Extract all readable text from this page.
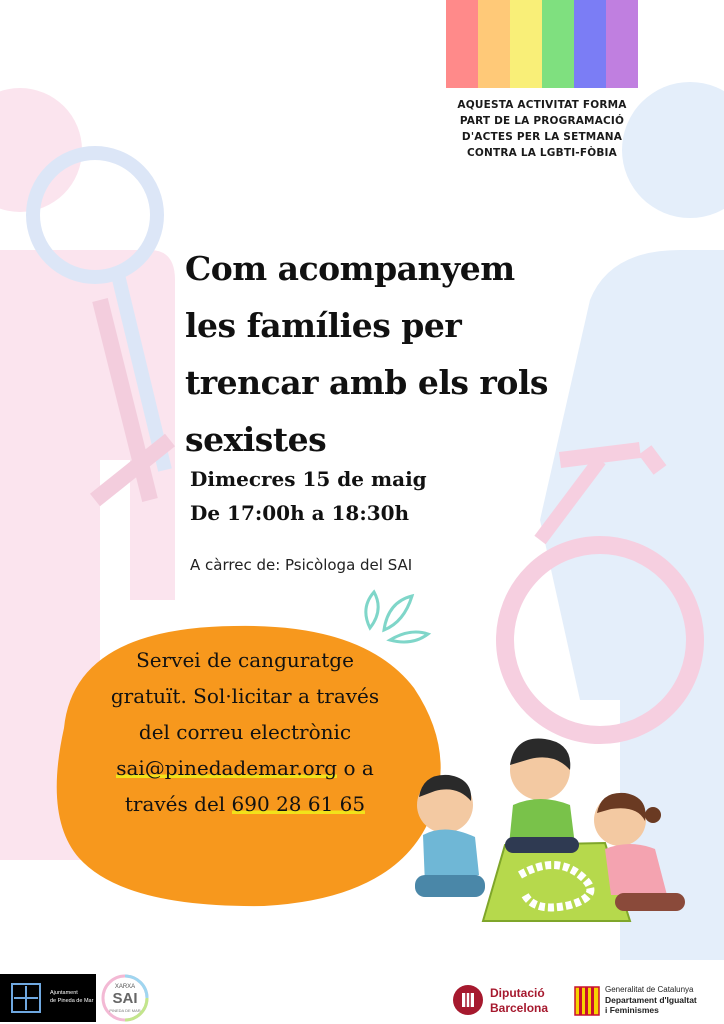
AQUESTA ACTIVITAT FORMA
PART DE LA PROGRAMACIÓ
D'ACTES PER LA SETMANA
CONTRA LA LGBTI-FÒBIA
Com acompanyem
les famílies per
trencar amb els rols
sexistes
Dimecres 15 de maig
De 17:00h a 18:30h
A càrrec de: Psicòloga del SAI
Servei de canguratge
gratuït. Sol·licitar a través
del correu electrònic
sai@pinedademar.org o a
través del 690 28 61 65
Ajuntament
de Pineda de Mar
XARXA
SAI
PINEDA DE MAR
Diputació
Barcelona
Generalitat de Catalunya
Departament d'Igualtat
i Feminismes
